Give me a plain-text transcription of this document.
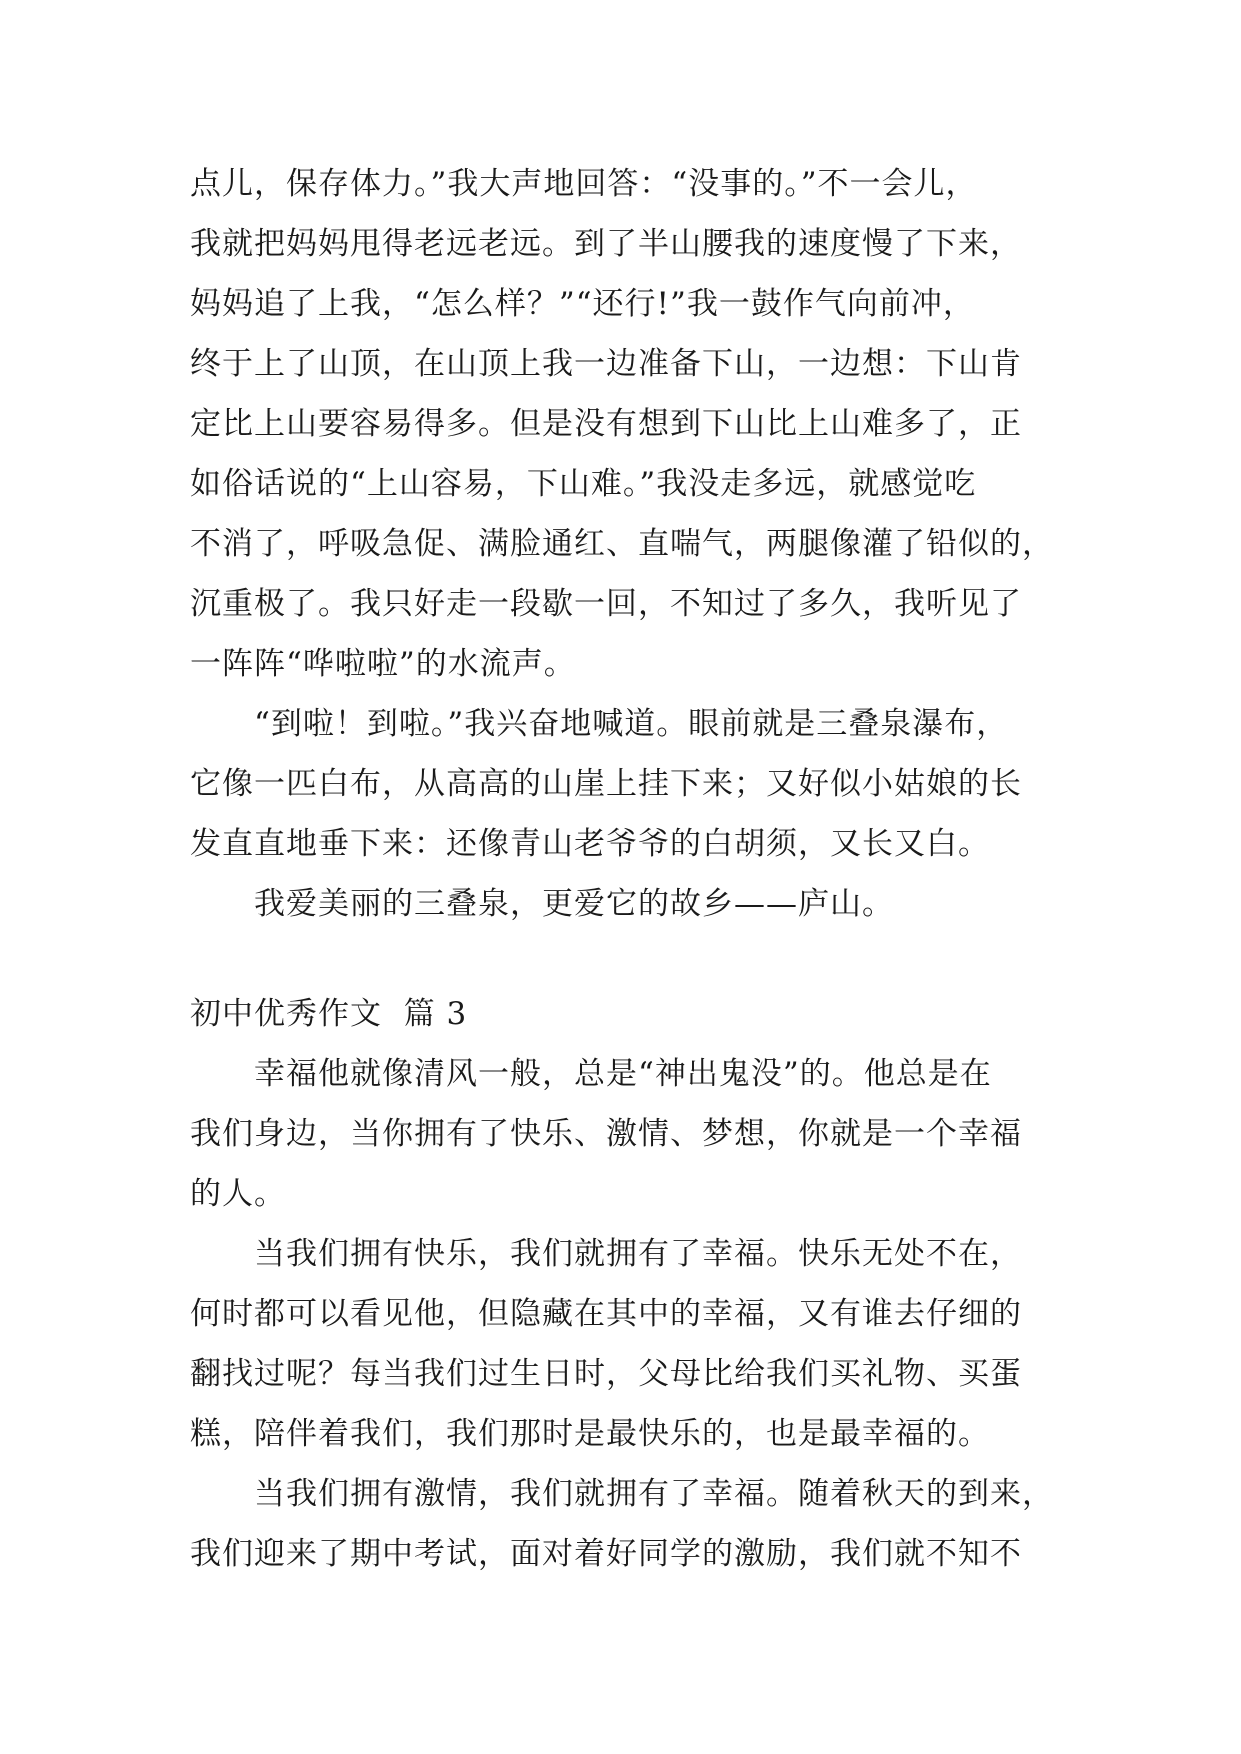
点儿，保存体力。”我大声地回答：“没事的。”不一会儿，

我就把妈妈甩得老远老远。到了半山腰我的速度慢了下来，

妈妈追了上我，“怎么样？”“还行!”我一鼓作气向前冲，

终于上了山顶，在山顶上我一边准备下山，一边想：下山肯

定比上山要容易得多。但是没有想到下山比上山难多了，正

如俗话说的“上山容易，下山难。”我没走多远，就感觉吃

不消了，呼吸急促、满脸通红、直喘气，两腿像灌了铅似的，

沉重极了。我只好走一段歇一回，不知过了多久，我听见了

一阵阵“哗啦啦”的水流声。

“到啦！到啦。”我兴奋地喊道。眼前就是三叠泉瀑布，

它像一匹白布，从高高的山崖上挂下来；又好似小姑娘的长

发直直地垂下来：还像青山老爷爷的白胡须，又长又白。

我爱美丽的三叠泉，更爱它的故乡——庐山。

初中优秀作文  篇 3

幸福他就像清风一般，总是“神出鬼没”的。他总是在

我们身边，当你拥有了快乐、激情、梦想，你就是一个幸福

的人。

当我们拥有快乐，我们就拥有了幸福。快乐无处不在，

何时都可以看见他，但隐藏在其中的幸福，又有谁去仔细的

翻找过呢？每当我们过生日时，父母比给我们买礼物、买蛋

糕，陪伴着我们，我们那时是最快乐的，也是最幸福的。

当我们拥有激情，我们就拥有了幸福。随着秋天的到来，

我们迎来了期中考试，面对着好同学的激励，我们就不知不
